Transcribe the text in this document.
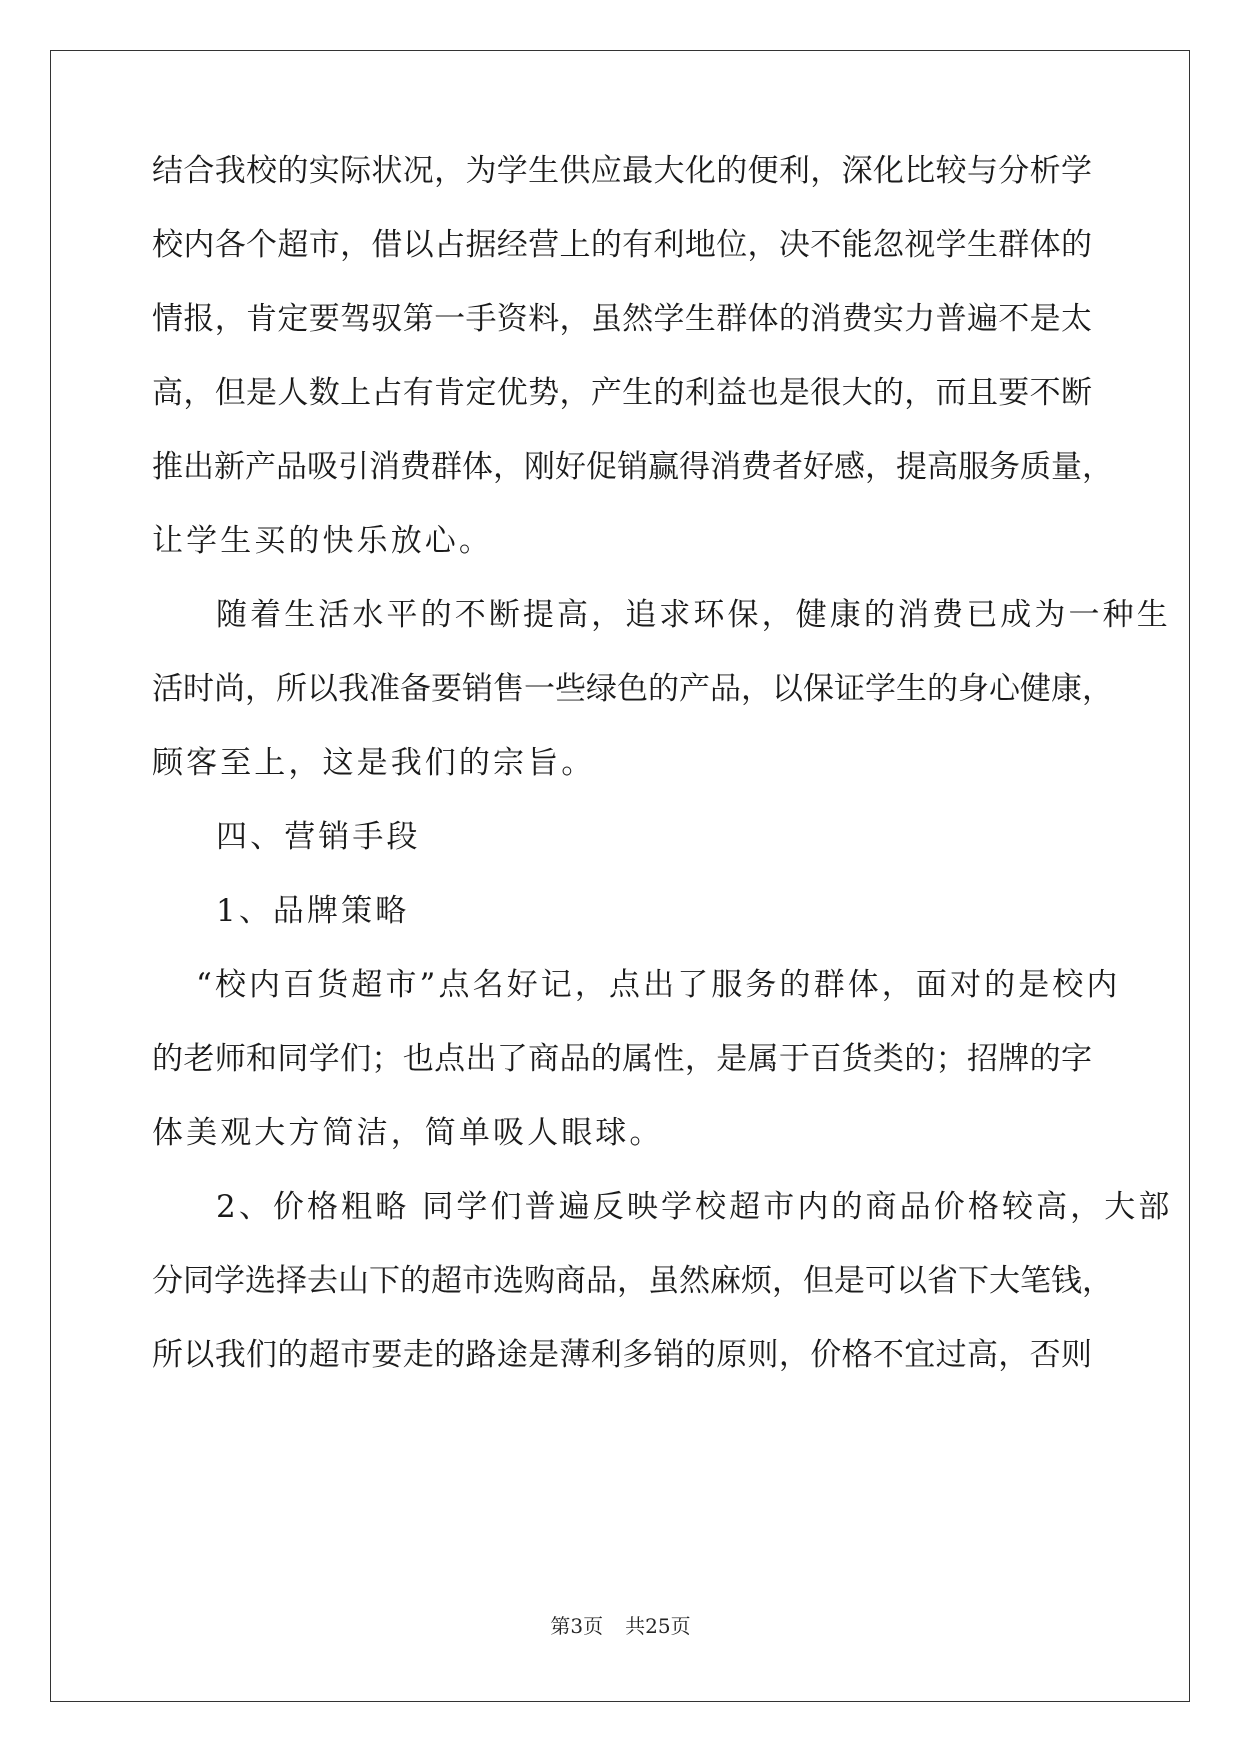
结合我校的实际状况，为学生供应最大化的便利，深化比较与分析学
校内各个超市，借以占据经营上的有利地位，决不能忽视学生群体的
情报，肯定要驾驭第一手资料，虽然学生群体的消费实力普遍不是太
高，但是人数上占有肯定优势，产生的利益也是很大的，而且要不断
推出新产品吸引消费群体，刚好促销赢得消费者好感，提高服务质量，
让学生买的快乐放心。
随着生活水平的不断提高，追求环保，健康的消费已成为一种生
活时尚，所以我准备要销售一些绿色的产品，以保证学生的身心健康，
顾客至上，这是我们的宗旨。
四、营销手段
1、品牌策略
“校内百货超市”点名好记，点出了服务的群体，面对的是校内
的老师和同学们；也点出了商品的属性，是属于百货类的；招牌的字
体美观大方简洁，简单吸人眼球。
2、价格粗略 同学们普遍反映学校超市内的商品价格较高，大部
分同学选择去山下的超市选购商品，虽然麻烦，但是可以省下大笔钱，
所以我们的超市要走的路途是薄利多销的原则，价格不宜过高，否则
第3页 共25页
